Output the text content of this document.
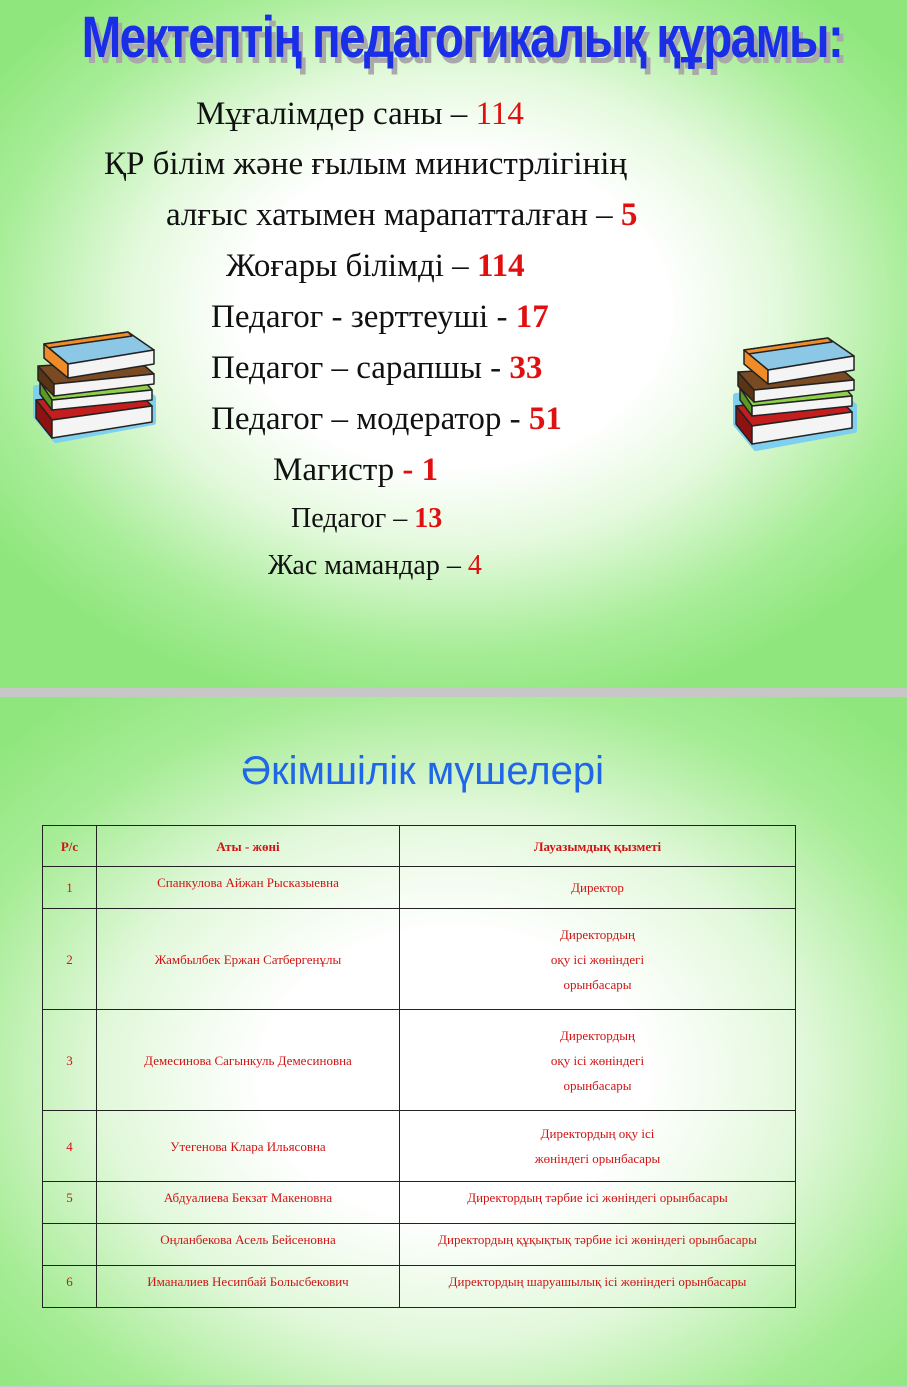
Мектептің педагогикалық құрамы:
Мұғалімдер саны – 114
ҚР білім және ғылым министрлігінің
алғыс хатымен марапатталған – 5
Жоғары білімді – 114
Педагог - зерттеуші - 17
Педагог – сарапшы - 33
Педагог – модератор - 51
Магистр - 1
Педагог – 13
Жас мамандар – 4
Әкімшілік мүшелері
Р/с	Аты - жөні	Лауазымдық қызметі
1	Спанкулова Айжан Рысказыевна	Директор

2	Жамбылбек Ержан Сатбергенұлы	Директордың
оқу ісі жөніндегі
орынбасары

3	Демесинова Сагынкуль Демесиновна	Директордың
оқу ісі жөніндегі
орынбасары

4	Утегенова Клара Ильясовна	Директордың оқу ісі
жөніндегі орынбасары

5	Абдуалиева Бекзат Макеновна	Директордың тәрбие ісі жөніндегі орынбасары

	Оңланбекова Асель Бейсеновна	Директордың құқықтық тәрбие ісі жөніндегі орынбасары

6	Иманалиев Несипбай Болысбекович	Директордың шаруашылық ісі жөніндегі орынбасары
